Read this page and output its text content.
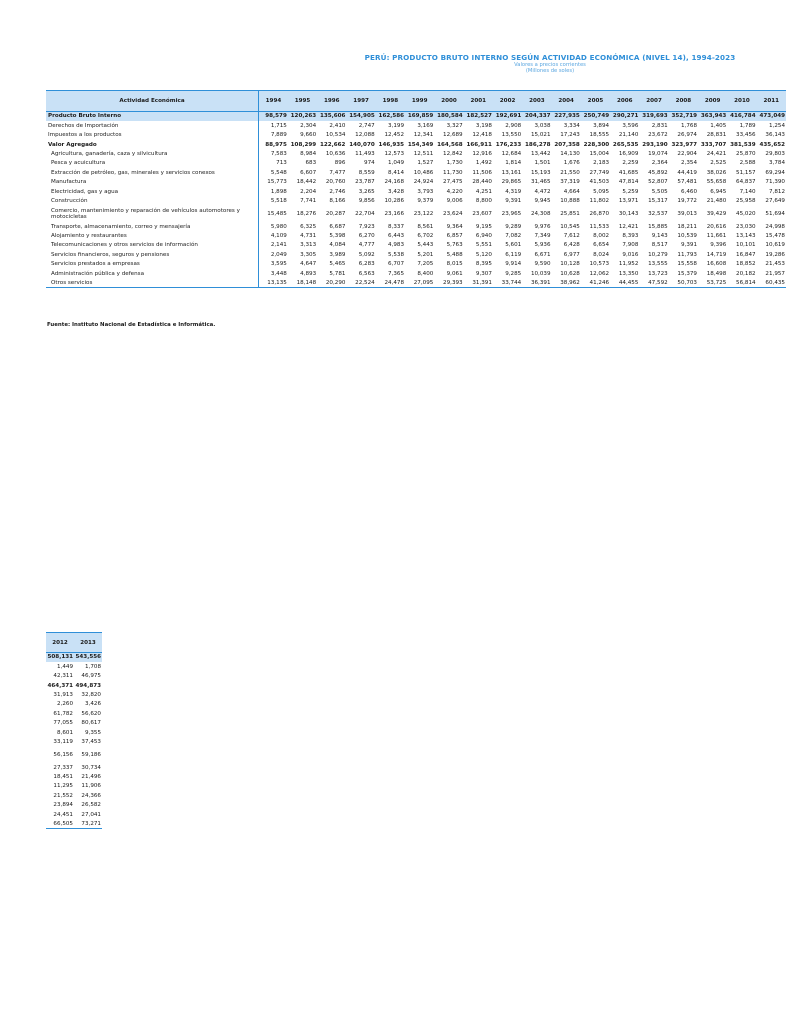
PERÚ: PRODUCTO BRUTO INTERNO SEGÚN ACTIVIDAD ECONÓMICA (NIVEL 14), 1994-2023
Valores a precios corrientes
(Millones de soles)
Actividad Económica	1994	1995	1996	1997	1998	1999	2000	2001	2002	2003	2004	2005	2006	2007	2008	2009	2010	2011
Producto Bruto Interno	98,579	120,263	135,606	154,905	162,586	169,859	180,584	182,527	192,691	204,337	227,935	250,749	290,271	319,693	352,719	363,943	416,784	473,049
Derechos de Importación	1,715	2,304	2,410	2,747	3,199	3,169	3,327	3,198	2,908	3,038	3,334	3,894	3,596	2,831	1,768	1,405	1,789	1,254
Impuestos a los productos	7,889	9,660	10,534	12,088	12,452	12,341	12,689	12,418	13,550	15,021	17,243	18,555	21,140	23,672	26,974	28,831	33,456	36,143
Valor Agregado	88,975	108,299	122,662	140,070	146,935	154,349	164,568	166,911	176,233	186,278	207,358	228,300	265,535	293,190	323,977	333,707	381,539	435,652
Agricultura, ganadería, caza y silvicultura	7,583	8,984	10,636	11,493	12,573	12,511	12,842	12,916	12,684	13,442	14,130	15,004	16,909	19,074	22,904	24,421	25,870	29,803
Pesca y acuicultura	713	683	896	974	1,049	1,527	1,730	1,492	1,814	1,501	1,676	2,183	2,259	2,364	2,354	2,525	2,588	3,784
Extracción de petróleo, gas, minerales y servicios conexos	5,548	6,607	7,477	8,559	8,414	10,486	11,730	11,506	13,161	15,193	21,550	27,749	41,685	45,892	44,419	38,026	51,157	69,294
Manufactura	15,773	18,442	20,760	23,787	24,168	24,924	27,475	28,440	29,865	31,465	37,319	41,503	47,814	52,807	57,481	55,658	64,837	71,390
Electricidad, gas y agua	1,898	2,204	2,746	3,265	3,428	3,793	4,220	4,251	4,319	4,472	4,664	5,095	5,259	5,505	6,460	6,945	7,140	7,812
Construcción	5,518	7,741	8,166	9,856	10,286	9,379	9,006	8,800	9,391	9,945	10,888	11,802	13,971	15,317	19,772	21,480	25,958	27,649
Comercio, mantenimiento y reparación de vehículos automotores y motocicletas	15,485	18,276	20,287	22,704	23,166	23,122	23,624	23,607	23,965	24,308	25,851	26,870	30,143	32,537	39,013	39,429	45,020	51,694
Transporte, almacenamiento, correo y mensajería	5,980	6,325	6,687	7,923	8,337	8,561	9,364	9,195	9,289	9,976	10,545	11,533	12,421	15,885	18,211	20,616	23,030	24,998
Alojamiento y restaurantes	4,109	4,731	5,398	6,270	6,443	6,702	6,857	6,940	7,082	7,349	7,612	8,002	8,393	9,143	10,539	11,661	13,143	15,478
Telecomunicaciones y otros servicios de información	2,141	3,313	4,084	4,777	4,983	5,443	5,763	5,551	5,601	5,936	6,428	6,654	7,908	8,517	9,391	9,396	10,101	10,619
Servicios financieros, seguros y pensiones	2,049	3,305	3,989	5,092	5,538	5,201	5,488	5,120	6,119	6,671	6,977	8,024	9,016	10,279	11,793	14,719	16,847	19,286
Servicios prestados a empresas	3,595	4,647	5,465	6,283	6,707	7,205	8,015	8,395	9,914	9,590	10,128	10,573	11,952	13,555	15,558	16,608	18,852	21,453
Administración pública y defensa	3,448	4,893	5,781	6,563	7,365	8,400	9,061	9,307	9,285	10,039	10,628	12,062	13,350	13,723	15,379	18,498	20,182	21,957
Otros servicios	13,135	18,148	20,290	22,524	24,478	27,095	29,393	31,391	33,744	36,391	38,962	41,246	44,455	47,592	50,703	53,725	56,814	60,435
Fuente: Instituto Nacional de Estadística e Informática.
2012	2013
508,131	543,556
1,449	1,708
42,311	46,975
464,371	494,873
31,913	32,820
2,260	3,426
61,782	56,620
77,055	80,617
8,601	9,355
33,119	37,453
56,156	59,186
27,337	30,734
18,451	21,496
11,295	11,906
21,552	24,366
23,894	26,582
24,451	27,041
66,505	73,271
